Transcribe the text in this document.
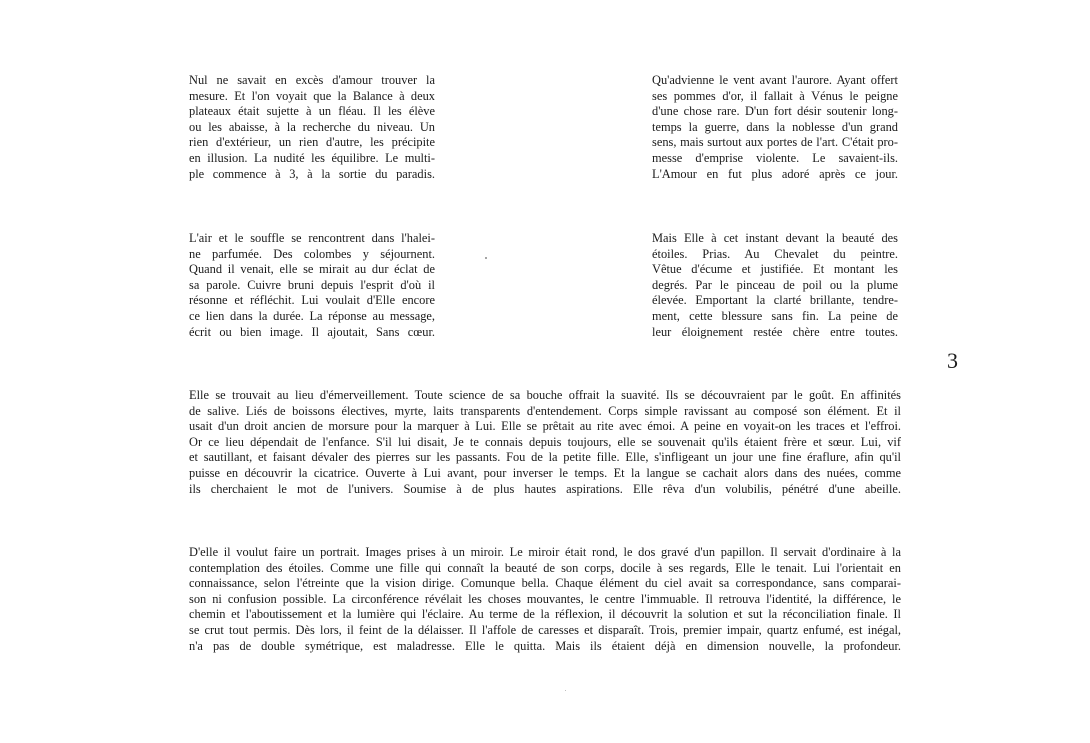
Nul ne savait en excès d'amour trouver la

mesure. Et l'on voyait que la Balance à deux

plateaux était sujette à un fléau. Il les élève

ou les abaisse, à la recherche du niveau. Un

rien d'extérieur, un rien d'autre, les précipite

en illusion. La nudité les équilibre. Le multi-

ple commence à 3, à la sortie du paradis.

Qu'advienne le vent avant l'aurore. Ayant offert

ses pommes d'or, il fallait à Vénus le peigne

d'une chose rare. D'un fort désir soutenir long-

temps la guerre, dans la noblesse d'un grand

sens, mais surtout aux portes de l'art. C'était pro-

messe d'emprise violente. Le savaient-ils.

L'Amour en fut plus adoré après ce jour.

L'air et le souffle se rencontrent dans l'halei-

ne parfumée. Des colombes y séjournent.

Quand il venait, elle se mirait au dur éclat de

sa parole. Cuivre bruni depuis l'esprit d'où il

résonne et réfléchit. Lui voulait d'Elle encore

ce lien dans la durée. La réponse au message,

écrit ou bien image. Il ajoutait, Sans cœur.

Mais Elle à cet instant devant la beauté des

étoiles. Prias. Au Chevalet du peintre.

Vêtue d'écume et justifiée. Et montant les

degrés. Par le pinceau de poil ou la plume

élevée. Emportant la clarté brillante, tendre-

ment, cette blessure sans fin. La peine de

leur éloignement restée chère entre toutes.

3

Elle se trouvait au lieu d'émerveillement. Toute science de sa bouche offrait la suavité. Ils se découvraient par le goût. En affinités

de salive. Liés de boissons électives, myrte, laits transparents d'entendement. Corps simple ravissant au composé son élément. Et il

usait d'un droit ancien de morsure pour la marquer à Lui. Elle se prêtait au rite avec émoi. A peine en voyait-on les traces et l'effroi.

Or ce lieu dépendait de l'enfance. S'il lui disait, Je te connais depuis toujours, elle se souvenait qu'ils étaient frère et sœur. Lui, vif

et sautillant, et faisant dévaler des pierres sur les passants. Fou de la petite fille. Elle, s'infligeant un jour une fine éraflure, afin qu'il

puisse en découvrir la cicatrice. Ouverte à Lui avant, pour inverser le temps. Et la langue se cachait alors dans des nuées, comme

ils cherchaient le mot de l'univers. Soumise à de plus hautes aspirations. Elle rêva d'un volubilis, pénétré d'une abeille.

D'elle il voulut faire un portrait. Images prises à un miroir. Le miroir était rond, le dos gravé d'un papillon. Il servait d'ordinaire à la

contemplation des étoiles. Comme une fille qui connaît la beauté de son corps, docile à ses regards, Elle le tenait. Lui l'orientait en

connaissance, selon l'étreinte que la vision dirige. Comunque bella. Chaque élément du ciel avait sa correspondance, sans comparai-

son ni confusion possible. La circonférence révélait les choses mouvantes, le centre l'immuable. Il retrouva l'identité, la différence, le

chemin et l'aboutissement et la lumière qui l'éclaire. Au terme de la réflexion, il découvrit la solution et sut la réconciliation finale. Il

se crut tout permis. Dès lors, il feint de la délaisser. Il l'affole de caresses et disparaît. Trois, premier impair, quartz enfumé, est inégal,

n'a pas de double symétrique, est maladresse. Elle le quitta. Mais ils étaient déjà en dimension nouvelle, la profondeur.
